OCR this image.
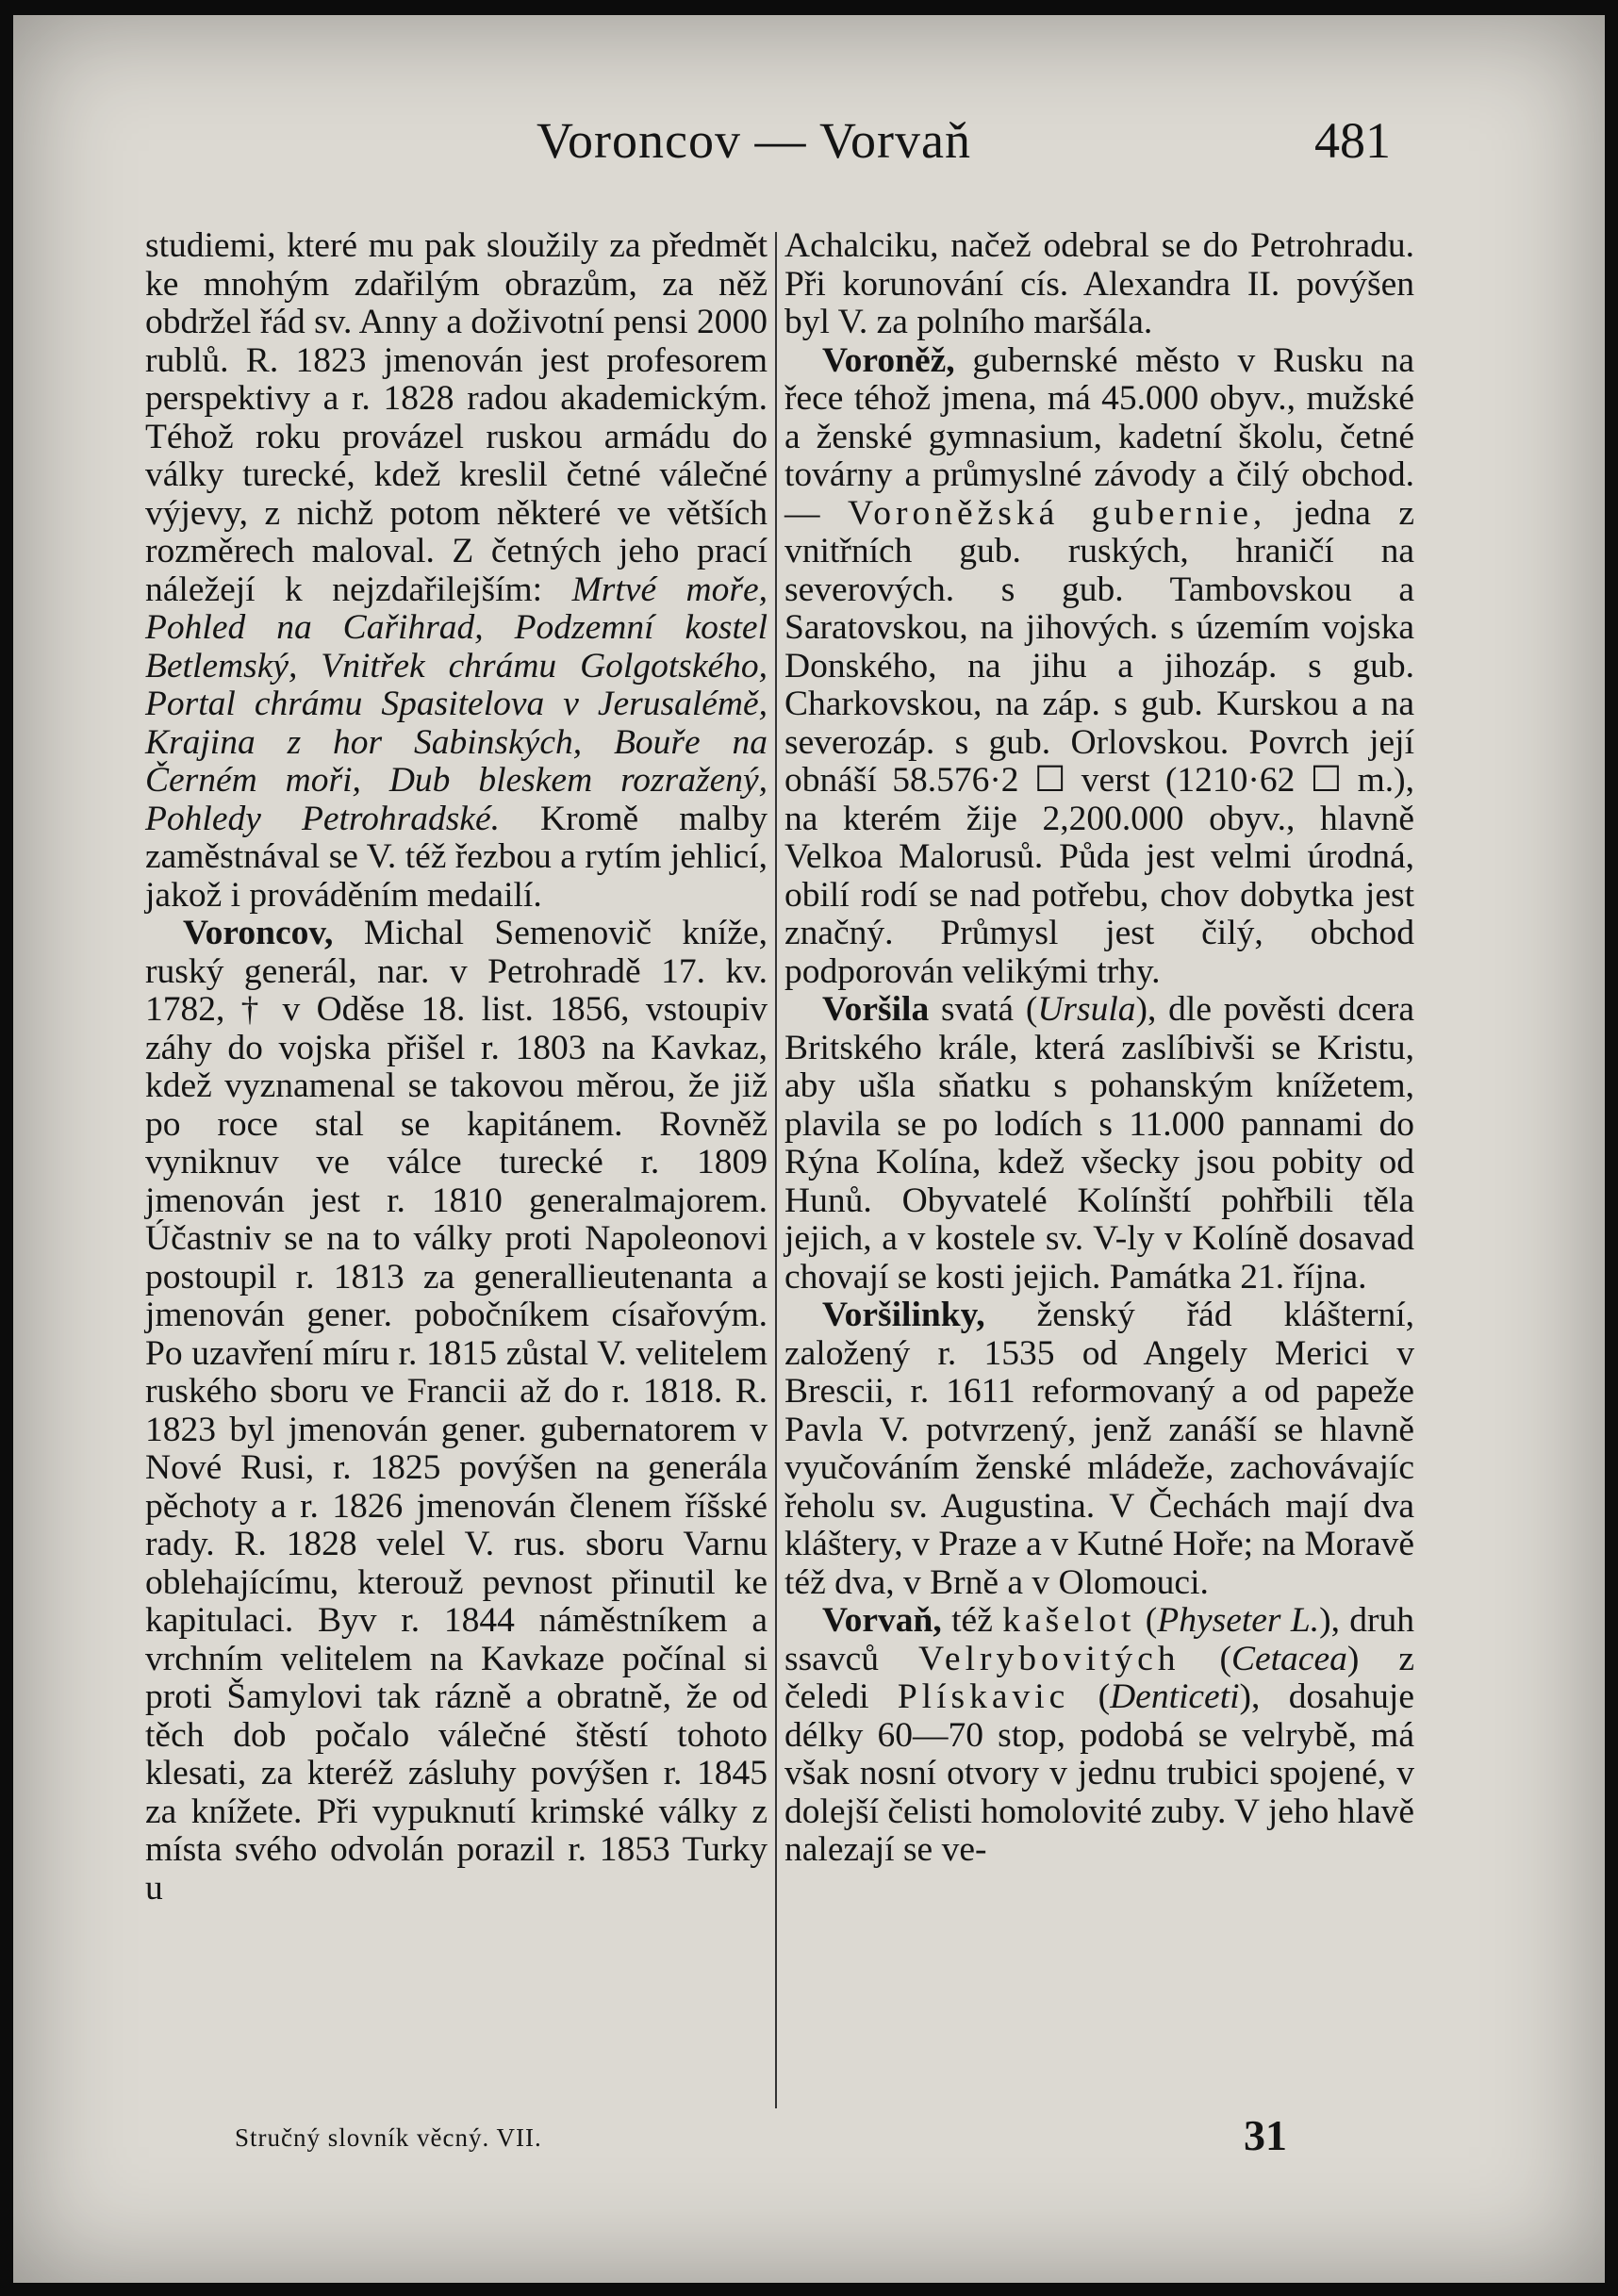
Voroncov — Vorvaň	481

studiemi, které mu pak sloužily za předmět ke mnohým zdařilým obrazům, za něž obdržel řád sv. Anny a doživotní pensi 2000 rublů. R. 1823 jmenován jest profesorem perspektivy a r. 1828 radou akademickým. Téhož roku provázel ruskou armádu do války turecké, kdež kreslil četné válečné výjevy, z nichž potom některé ve větších rozměrech maloval. Z četných jeho prací náležejí k nejzdařilejším: Mrtvé moře, Pohled na Cařihrad, Podzemní kostel Betlemský, Vnitřek chrámu Golgotského, Portal chrámu Spasitelova v Jerusalémě, Krajina z hor Sabinských, Bouře na Černém moři, Dub bleskem rozražený, Pohledy Petrohradské. Kromě malby zaměstnával se V. též řezbou a rytím jehlicí, jakož i prováděním medailí.

Voroncov, Michal Semenovič kníže, ruský generál, nar. v Petrohradě 17. kv. 1782, † v Oděse 18. list. 1856, vstoupiv záhy do vojska přišel r. 1803 na Kavkaz, kdež vyznamenal se takovou měrou, že již po roce stal se kapitánem. Rovněž vyniknuv ve válce turecké r. 1809 jmenován jest r. 1810 generalmajorem. Účastniv se na to války proti Napoleonovi postoupil r. 1813 za generallieutenanta a jmenován gener. pobočníkem císařovým. Po uzavření míru r. 1815 zůstal V. velitelem ruského sboru ve Francii až do r. 1818. R. 1823 byl jmenován gener. gubernatorem v Nové Rusi, r. 1825 povýšen na generála pěchoty a r. 1826 jmenován členem říšské rady. R. 1828 velel V. rus. sboru Varnu oblehajícímu, kterouž pevnost přinutil ke kapitulaci. Byv r. 1844 náměstníkem a vrchním velitelem na Kavkaze počínal si proti Šamylovi tak rázně a obratně, že od těch dob počalo válečné štěstí tohoto klesati, za kteréž zásluhy povýšen r. 1845 za knížete. Při vypuknutí krimské války z místa svého odvolán porazil r. 1853 Turky u

Achalciku, načež odebral se do Petrohradu. Při korunování cís. Alexandra II. povýšen byl V. za polního maršála.

Voroněž, gubernské město v Rusku na řece téhož jmena, má 45.000 obyv., mužské a ženské gymnasium, kadetní školu, četné továrny a průmyslné závody a čilý obchod. — Voroněžská gubernie, jedna z vnitřních gub. ruských, hraničí na severových. s gub. Tambovskou a Saratovskou, na jihových. s územím vojska Donského, na jihu a jihozáp. s gub. Charkovskou, na záp. s gub. Kurskou a na severozáp. s gub. Orlovskou. Povrch její obnáší 58.576·2 ☐ verst (1210·62 ☐ m.), na kterém žije 2,200.000 obyv., hlavně Velkoa Malorusů. Půda jest velmi úrodná, obilí rodí se nad potřebu, chov dobytka jest značný. Průmysl jest čilý, obchod podporován velikými trhy.

Voršila svatá (Ursula), dle pověsti dcera Britského krále, která zaslíbivši se Kristu, aby ušla sňatku s pohanským knížetem, plavila se po lodích s 11.000 pannami do Rýna Kolína, kdež všecky jsou pobity od Hunů. Obyvatelé Kolínští pohřbili těla jejich, a v kostele sv. V-ly v Kolíně dosavad chovají se kosti jejich. Památka 21. října.

Voršilinky, ženský řád klášterní, založený r. 1535 od Angely Merici v Brescii, r. 1611 reformovaný a od papeže Pavla V. potvrzený, jenž zanáší se hlavně vyučováním ženské mládeže, zachovávajíc řeholu sv. Augustina. V Čechách mají dva kláštery, v Praze a v Kutné Hoře; na Moravě též dva, v Brně a v Olomouci.

Vorvaň, též kašelot (Physeter L.), druh ssavců Velrybovitých (Cetacea) z čeledi Plískavic (Denticeti), dosahuje délky 60—70 stop, podobá se velrybě, má však nosní otvory v jednu trubici spojené, v dolejší čelisti homolovité zuby. V jeho hlavě nalezají se ve-

Stručný slovník věcný. VII.	31
